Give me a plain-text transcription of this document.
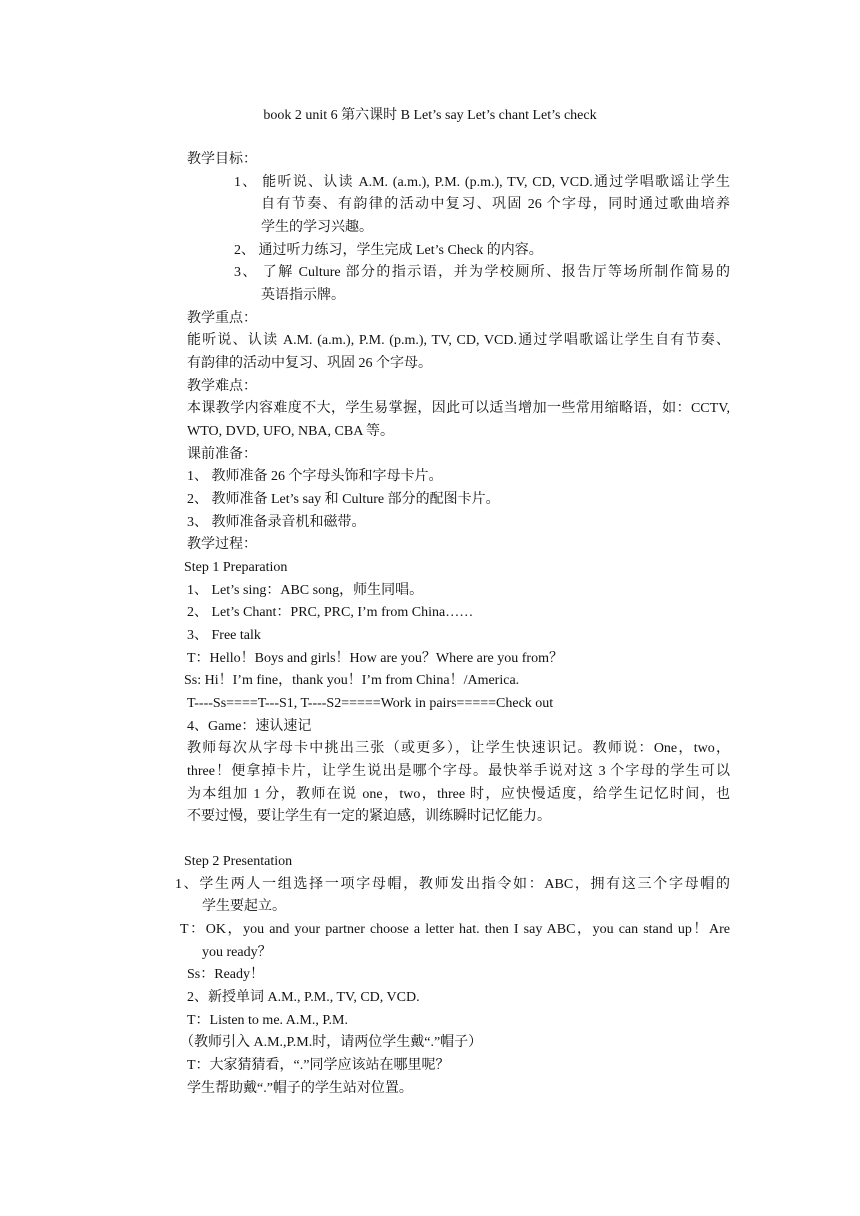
book 2 unit 6 第六课时 B Let’s say Let’s chant Let’s check
教学目标：
1、 能听说、认读 A.M. (a.m.), P.M. (p.m.), TV, CD, VCD.通过学唱歌谣让学生
自有节奏、有韵律的活动中复习、巩固 26 个字母，同时通过歌曲培养
学生的学习兴趣。
2、 通过听力练习，学生完成 Let’s Check 的内容。
3、 了解 Culture 部分的指示语，并为学校厕所、报告厅等场所制作简易的
英语指示牌。
教学重点：
能听说、认读 A.M. (a.m.), P.M. (p.m.), TV, CD, VCD.通过学唱歌谣让学生自有节奏、
有韵律的活动中复习、巩固 26 个字母。
教学难点：
本课教学内容难度不大，学生易掌握，因此可以适当增加一些常用缩略语，如：CCTV,
WTO, DVD, UFO, NBA, CBA 等。
课前准备：
1、 教师准备 26 个字母头饰和字母卡片。
2、 教师准备 Let’s say 和 Culture 部分的配图卡片。
3、 教师准备录音机和磁带。
教学过程：
Step 1 Preparation
1、 Let’s sing：ABC song，师生同唱。
2、 Let’s Chant：PRC, PRC, I’m from China……
3、 Free talk
T：Hello！Boys and girls！How are you？Where are you from？
Ss: Hi！I’m fine，thank you！I’m from China！/America.
T----Ss====T---S1, T----S2=====Work in pairs=====Check out
4、Game：速认速记
教师每次从字母卡中挑出三张（或更多），让学生快速识记。教师说：One，two，
three！便拿掉卡片，让学生说出是哪个字母。最快举手说对这 3 个字母的学生可以
为本组加 1 分，教师在说 one，two，three 时，应快慢适度，给学生记忆时间，也
不要过慢，要让学生有一定的紧迫感，训练瞬时记忆能力。
Step 2 Presentation
1、学生两人一组选择一项字母帽，教师发出指令如：ABC，拥有这三个字母帽的
学生要起立。
T：OK，you and your partner choose a letter hat. then I say ABC，you can stand up！Are
you ready？
Ss：Ready！
2、新授单词 A.M., P.M., TV, CD, VCD.
T：Listen to me. A.M., P.M.
（教师引入 A.M.,P.M.时，请两位学生戴“.”帽子）
T：大家猜猜看，“.”同学应该站在哪里呢？
学生帮助戴“.”帽子的学生站对位置。
